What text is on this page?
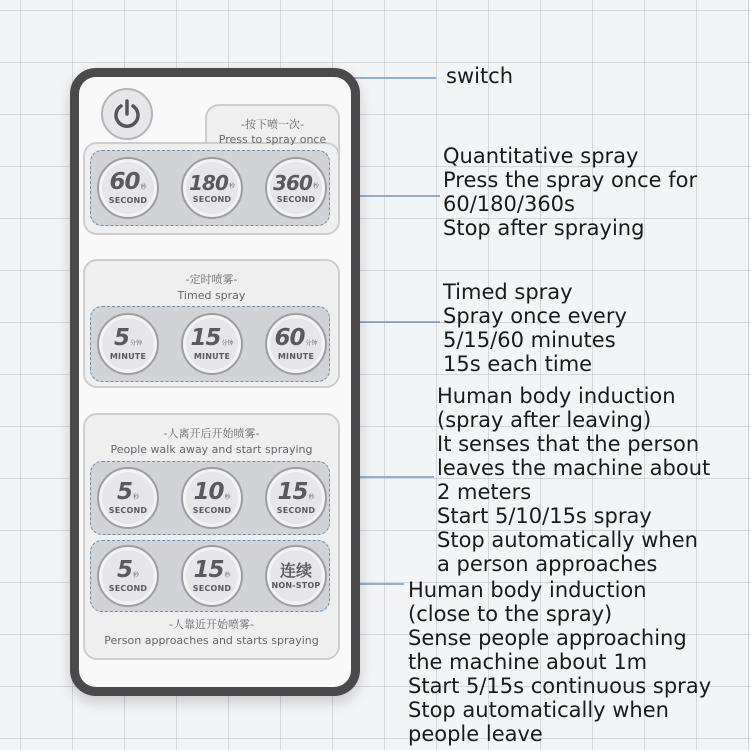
-按下喷一次-
Press to spray once
60 秒
SECOND
180 秒
SECOND
360 秒
SECOND
-定时喷雾-
Timed spray
5 分钟
MINUTE
15 分钟
MINUTE
60 分钟
MINUTE
-人离开后开始喷雾-
People walk away and start spraying
5 秒
SECOND
10 秒
SECOND
15 秒
SECOND
5 秒
SECOND
15 秒
SECOND
连续
NON-STOP
-人靠近开始喷雾-
Person approaches and starts spraying
switch
Quantitative spray
Press the spray once for
60/180/360s
Stop after spraying
Timed spray
Spray once every
5/15/60 minutes
15s each time
Human body induction
(spray after leaving)
It senses that the person
leaves the machine about
2 meters
Start 5/10/15s spray
Stop automatically when
a person approaches
Human body induction
(close to the spray)
Sense people approaching
the machine about 1m
Start 5/15s continuous spray
Stop automatically when
people leave
